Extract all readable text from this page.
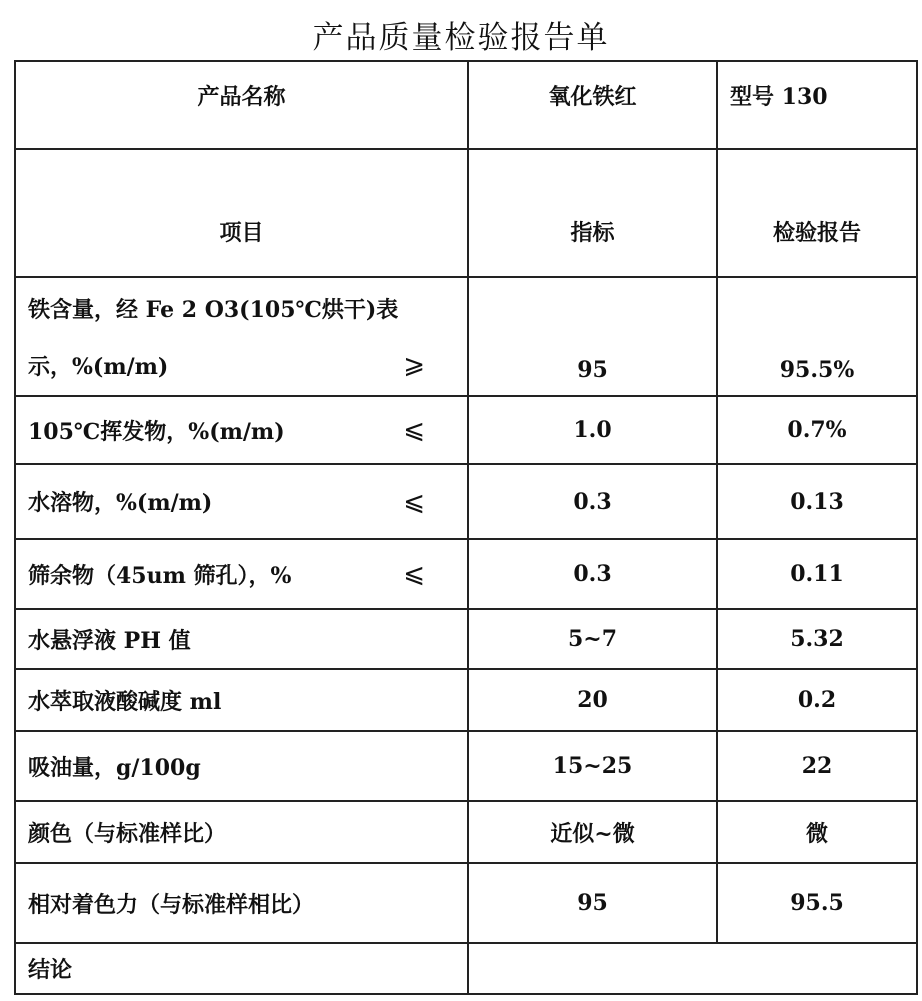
产品质量检验报告单
产品名称	氧化铁红	型号 130
项目	指标	检验报告

铁含量，经 Fe 2 O3(105℃烘干)表
示，%(m/m) ⩾	95	95.5%

105℃挥发物，%(m/m) ⩽	1.0	0.7%

水溶物，%(m/m) ⩽	0.3	0.13

筛余物（45um 筛孔），% ⩽	0.3	0.11
水悬浮液 PH 值	5~7	5.32
水萃取液酸碱度 ml	20	0.2
吸油量，g/100g	15~25	22
颜色（与标准样比）	近似~微	微
相对着色力（与标准样相比）	95	95.5
结论		
